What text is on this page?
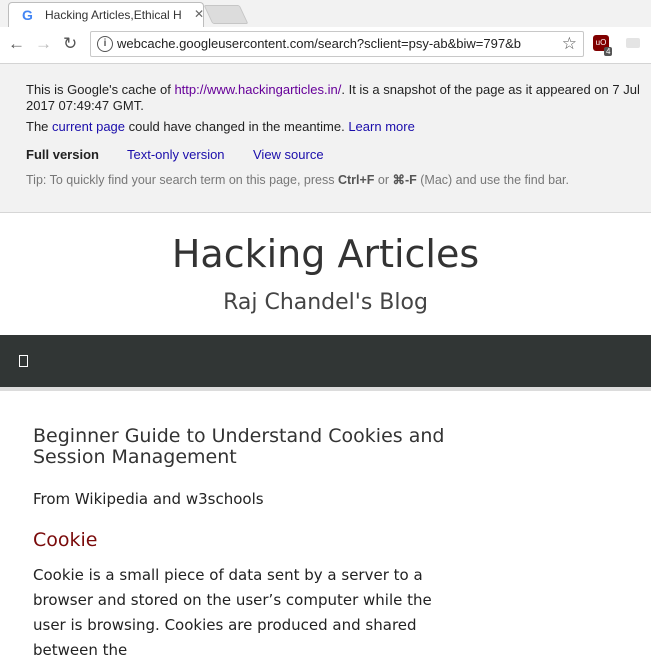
G Hacking Articles,Ethical H	✕
← → ↻	i webcache.googleusercontent.com/search?sclient=psy-ab&biw=797&b	☆	uO
4

This is Google's cache of http://www.hackingarticles.in/. It is a snapshot of the page as it appeared on 7 Jul

2017 07:49:47 GMT.

The current page could have changed in the meantime. Learn more

Full version Text-only version View source

Tip: To quickly find your search term on this page, press Ctrl+F or ⌘-F (Mac) and use the find bar.

Hacking Articles
Raj Chandel's Blog
Beginner Guide to Understand Cookies and Session Management
From Wikipedia and w3schools
Cookie

Cookie is a small piece of data sent by a server to a browser and stored on the user’s computer while the user is browsing. Cookies are produced and shared between the
